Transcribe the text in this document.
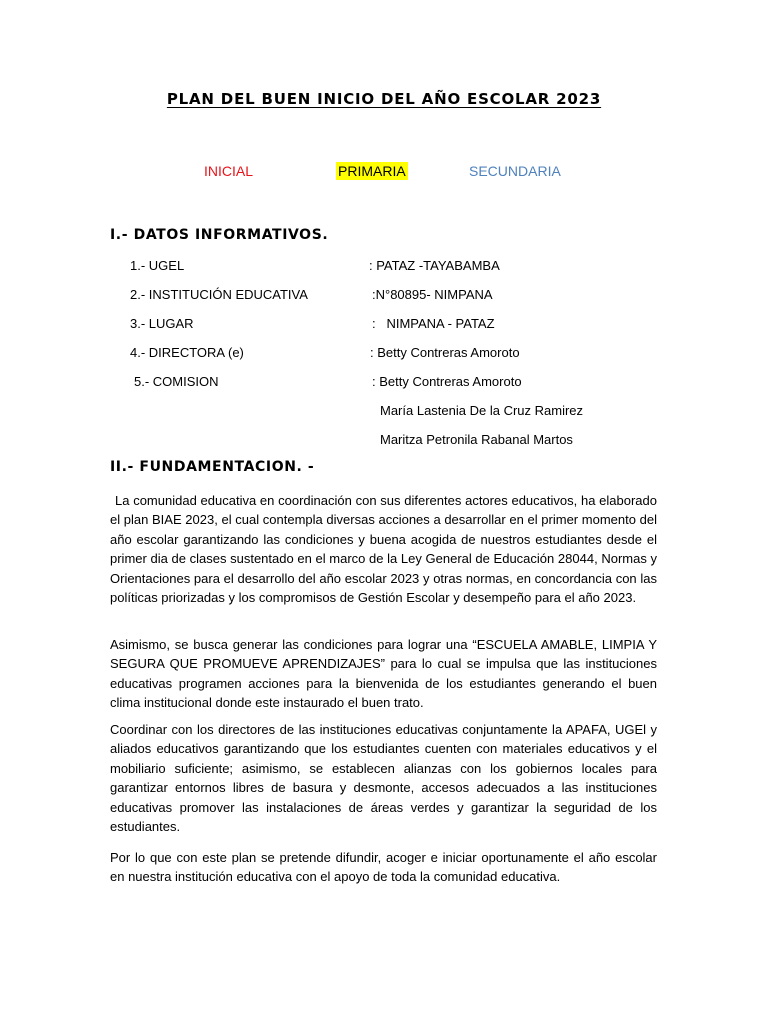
PLAN DEL BUEN INICIO DEL AÑO ESCOLAR 2023
INICIAL	PRIMARIA	SECUNDARIA
I.- DATOS INFORMATIVOS.
1.- UGEL	: PATAZ -TAYABAMBA
2.- INSTITUCIÓN EDUCATIVA	:N°80895- NIMPANA
3.- LUGAR	:   NIMPANA - PATAZ
4.- DIRECTORA (e)	: Betty Contreras Amoroto
5.- COMISION	: Betty Contreras Amoroto
María Lastenia De la Cruz Ramirez
Maritza Petronila Rabanal Martos
II.- FUNDAMENTACION. -

La comunidad educativa en coordinación con sus diferentes actores educativos, ha elaborado el plan BIAE 2023, el cual contempla diversas acciones a desarrollar en el primer momento del año escolar garantizando las condiciones y buena acogida de nuestros estudiantes desde el primer dia de clases sustentado en el marco de la Ley General de Educación 28044, Normas y Orientaciones para el desarrollo del año escolar 2023 y otras normas, en concordancia con las políticas priorizadas y los compromisos de Gestión Escolar y desempeño para el año 2023.

Asimismo, se busca generar las condiciones para lograr una “ESCUELA AMABLE, LIMPIA Y SEGURA QUE PROMUEVE APRENDIZAJES” para lo cual se impulsa que las instituciones educativas programen acciones para la bienvenida de los estudiantes generando el buen clima institucional donde este instaurado el buen trato.

Coordinar con los directores de las instituciones educativas conjuntamente la APAFA, UGEl y aliados educativos garantizando que los estudiantes cuenten con materiales educativos y el mobiliario suficiente; asimismo, se establecen alianzas con los gobiernos locales para garantizar entornos libres de basura y desmonte, accesos adecuados a las instituciones educativas promover las instalaciones de áreas verdes y garantizar la seguridad de los estudiantes.

Por lo que con este plan se pretende difundir, acoger e iniciar oportunamente el año escolar en nuestra institución educativa con el apoyo de toda la comunidad educativa.
